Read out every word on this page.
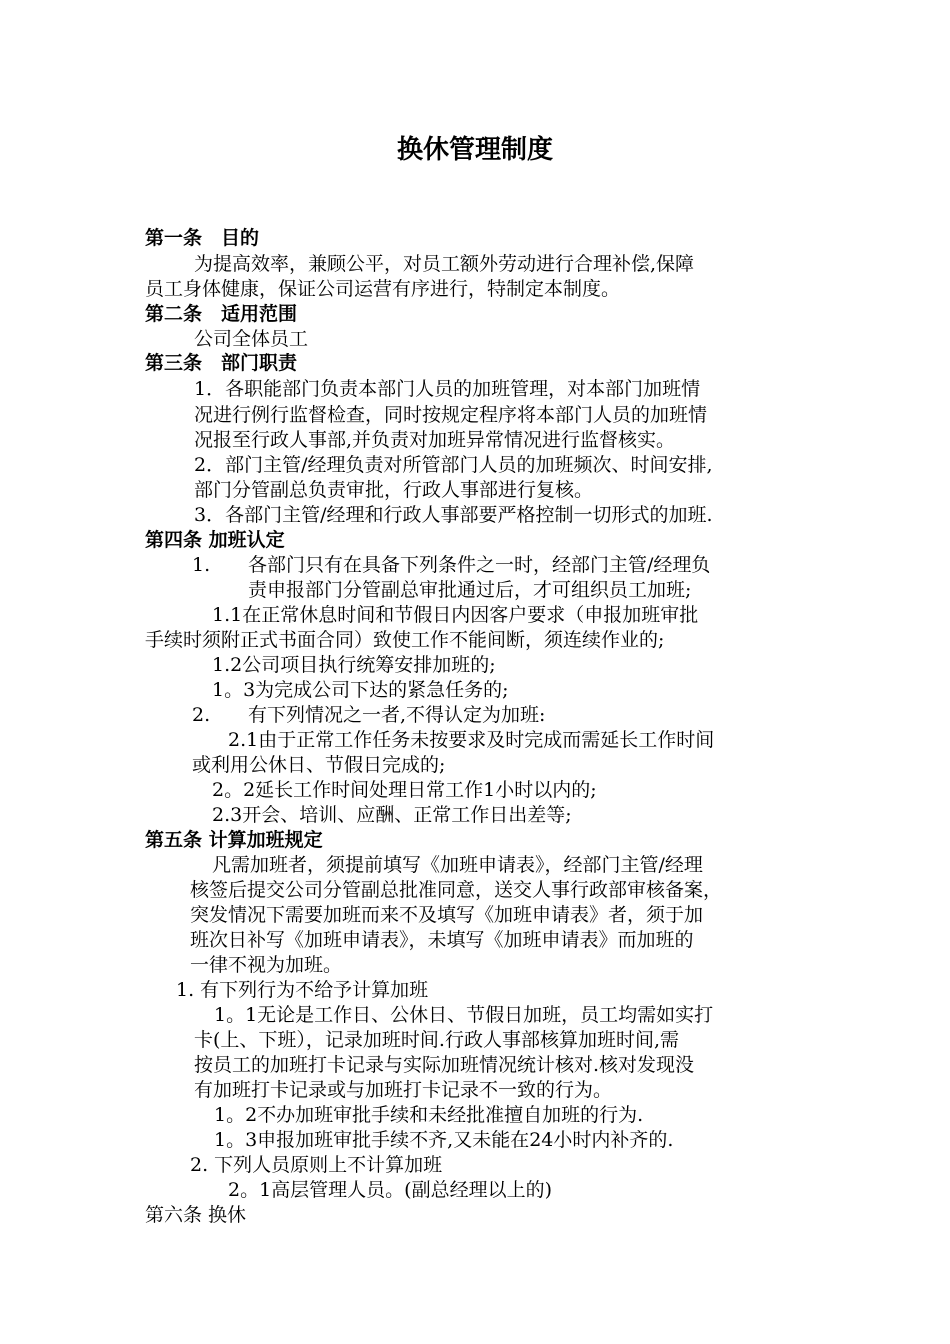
换休管理制度
第一条　目的
为提高效率，兼顾公平，对员工额外劳动进行合理补偿,保障
员工身体健康，保证公司运营有序进行，特制定本制度。
第二条　适用范围
公司全体员工
第三条　部门职责
1．各职能部门负责本部门人员的加班管理，对本部门加班情
况进行例行监督检查，同时按规定程序将本部门人员的加班情
况报至行政人事部,并负责对加班异常情况进行监督核实。
2．部门主管/经理负责对所管部门人员的加班频次、时间安排,
部门分管副总负责审批，行政人事部进行复核。
3．各部门主管/经理和行政人事部要严格控制一切形式的加班.
第四条 加班认定
1. 各部门只有在具备下列条件之一时，经部门主管/经理负
责申报部门分管副总审批通过后，才可组织员工加班;
1.1在正常休息时间和节假日内因客户要求（申报加班审批
手续时须附正式书面合同）致使工作不能间断，须连续作业的;
1.2公司项目执行统筹安排加班的;
1。3为完成公司下达的紧急任务的;
2. 有下列情况之一者,不得认定为加班:
2.1由于正常工作任务未按要求及时完成而需延长工作时间
或利用公休日、节假日完成的;
2。2延长工作时间处理日常工作1小时以内的;
2.3开会、培训、应酬、正常工作日出差等;
第五条 计算加班规定
凡需加班者，须提前填写《加班申请表》，经部门主管/经理
核签后提交公司分管副总批准同意，送交人事行政部审核备案，
突发情况下需要加班而来不及填写《加班申请表》者，须于加
班次日补写《加班申请表》，未填写《加班申请表》而加班的
一律不视为加班。
1. 有下列行为不给予计算加班
1。1无论是工作日、公休日、节假日加班，员工均需如实打
卡(上、下班），记录加班时间.行政人事部核算加班时间,需
按员工的加班打卡记录与实际加班情况统计核对.核对发现没
有加班打卡记录或与加班打卡记录不一致的行为。
1。2不办加班审批手续和未经批准擅自加班的行为.
1。3申报加班审批手续不齐,又未能在24小时内补齐的.
2. 下列人员原则上不计算加班
2。1高层管理人员。(副总经理以上的)
第六条 换休
